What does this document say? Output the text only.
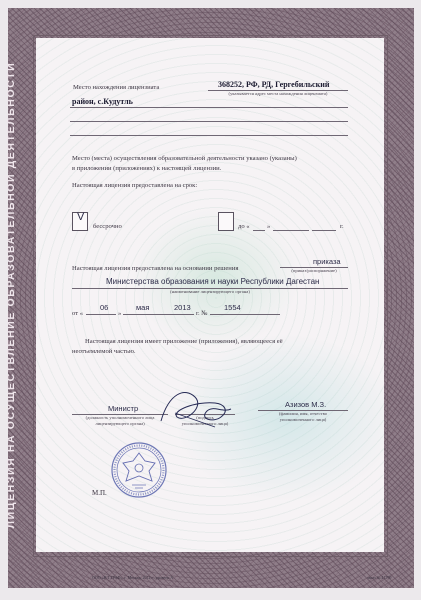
ЛИЦЕНЗИЯ НА ОСУЩЕСТВЛЕНИЕ ОБРАЗОВАТЕЛЬНОЙ ДЕЯТЕЛЬНОСТИ	Место нахождения лицензиата	368252, РФ, РД, Гергебильский
(указывается адрес места нахождения лицензиата)
район, с.Кудутль
Место (места) осуществления образовательной деятельности указано (указаны)
в приложении (приложениях) к настоящей лицензии.
Настоящая лицензия предоставлена на срок:
V
бессрочно	до «	»	г.
Настоящая лицензия предоставлена на основании решения
приказа
(приказ/распоряжение)
Министерства образования и науки Республики Дагестан
(наименование лицензирующего органа)
от «
06
»
мая	2013
г. №
1554
Настоящая лицензия имеет приложение (приложения), являющееся её
неотъемлемой частью.
Министр
(должность уполномоченного лица
лицензирующего органа)
(подпись
уполномоченного лица)
Азизов М.З.
(фамилия, имя, отчество
уполномоченного лица)
М.П.
ООО «Н.Т.ГРАФ», г. Москва, 2012 г., уровень А	заказ № 41790
